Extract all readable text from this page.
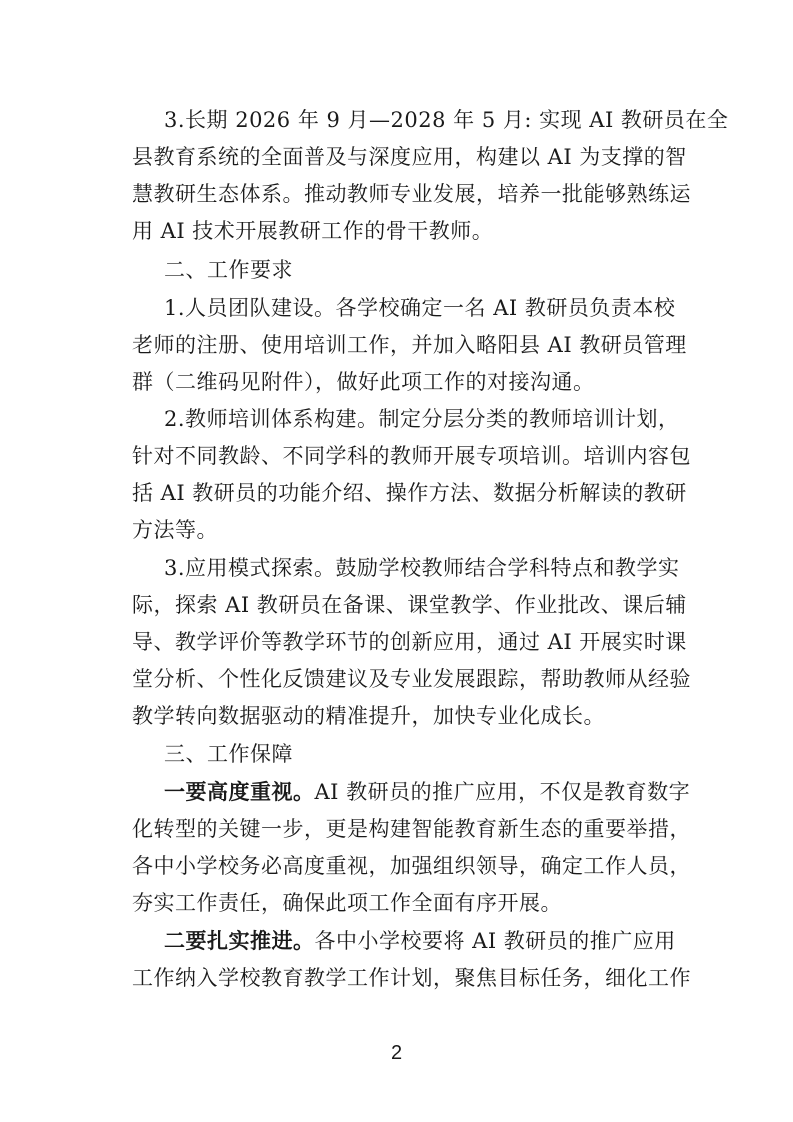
3.长期 2026 年 9 月—2028 年 5 月: 实现 AI 教研员在全
县教育系统的全面普及与深度应用，构建以 AI 为支撑的智
慧教研生态体系。推动教师专业发展，培养一批能够熟练运
用 AI 技术开展教研工作的骨干教师。
二、工作要求
1.人员团队建设。各学校确定一名 AI 教研员负责本校
老师的注册、使用培训工作，并加入略阳县 AI 教研员管理
群（二维码见附件），做好此项工作的对接沟通。
2.教师培训体系构建。制定分层分类的教师培训计划，
针对不同教龄、不同学科的教师开展专项培训。培训内容包
括 AI 教研员的功能介绍、操作方法、数据分析解读的教研
方法等。
3.应用模式探索。鼓励学校教师结合学科特点和教学实
际，探索 AI 教研员在备课、课堂教学、作业批改、课后辅
导、教学评价等教学环节的创新应用，通过 AI 开展实时课
堂分析、个性化反馈建议及专业发展跟踪，帮助教师从经验
教学转向数据驱动的精准提升，加快专业化成长。
三、工作保障
一要高度重视。AI 教研员的推广应用，不仅是教育数字
化转型的关键一步，更是构建智能教育新生态的重要举措，
各中小学校务必高度重视，加强组织领导，确定工作人员，
夯实工作责任，确保此项工作全面有序开展。
二要扎实推进。各中小学校要将 AI 教研员的推广应用
工作纳入学校教育教学工作计划，聚焦目标任务，细化工作
2
